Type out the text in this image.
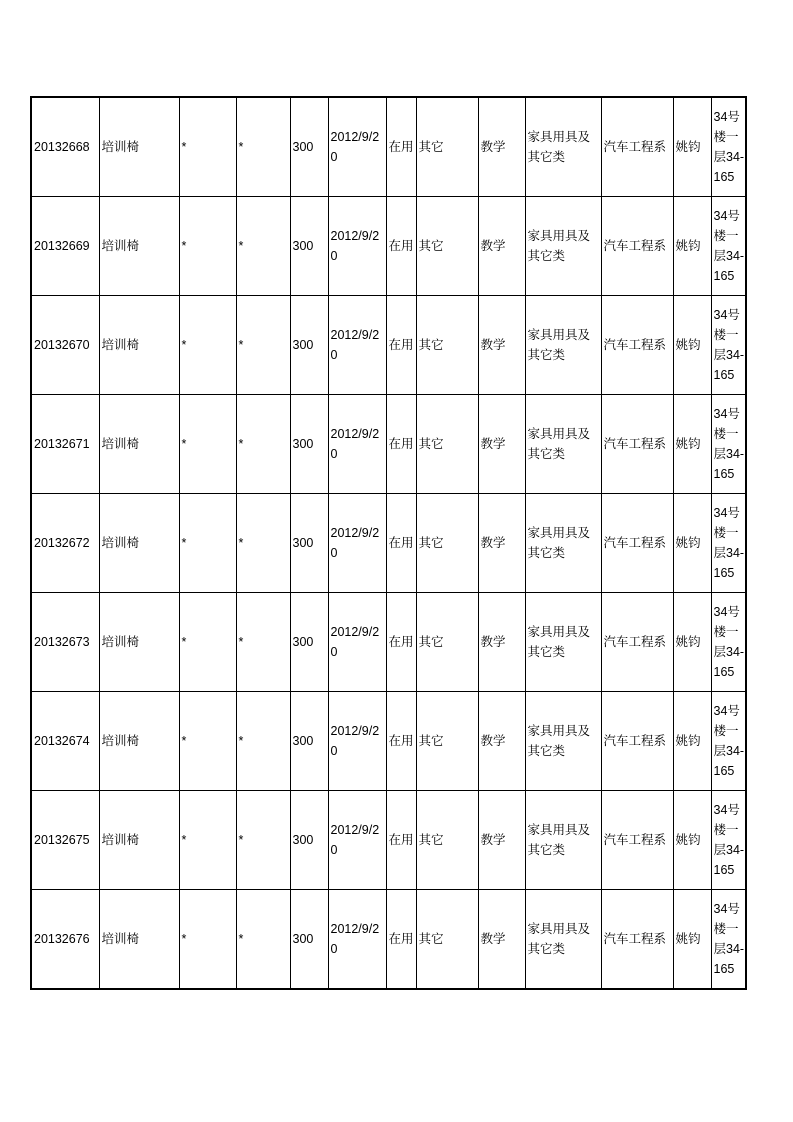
20132668	培训椅	*	*	300	2012/9/20	在用	其它	教学	家具用具及其它类	汽车工程系	姚钧	34号楼一层34-165
20132669	培训椅	*	*	300	2012/9/20	在用	其它	教学	家具用具及其它类	汽车工程系	姚钧	34号楼一层34-165
20132670	培训椅	*	*	300	2012/9/20	在用	其它	教学	家具用具及其它类	汽车工程系	姚钧	34号楼一层34-165
20132671	培训椅	*	*	300	2012/9/20	在用	其它	教学	家具用具及其它类	汽车工程系	姚钧	34号楼一层34-165
20132672	培训椅	*	*	300	2012/9/20	在用	其它	教学	家具用具及其它类	汽车工程系	姚钧	34号楼一层34-165
20132673	培训椅	*	*	300	2012/9/20	在用	其它	教学	家具用具及其它类	汽车工程系	姚钧	34号楼一层34-165
20132674	培训椅	*	*	300	2012/9/20	在用	其它	教学	家具用具及其它类	汽车工程系	姚钧	34号楼一层34-165
20132675	培训椅	*	*	300	2012/9/20	在用	其它	教学	家具用具及其它类	汽车工程系	姚钧	34号楼一层34-165
20132676	培训椅	*	*	300	2012/9/20	在用	其它	教学	家具用具及其它类	汽车工程系	姚钧	34号楼一层34-165
